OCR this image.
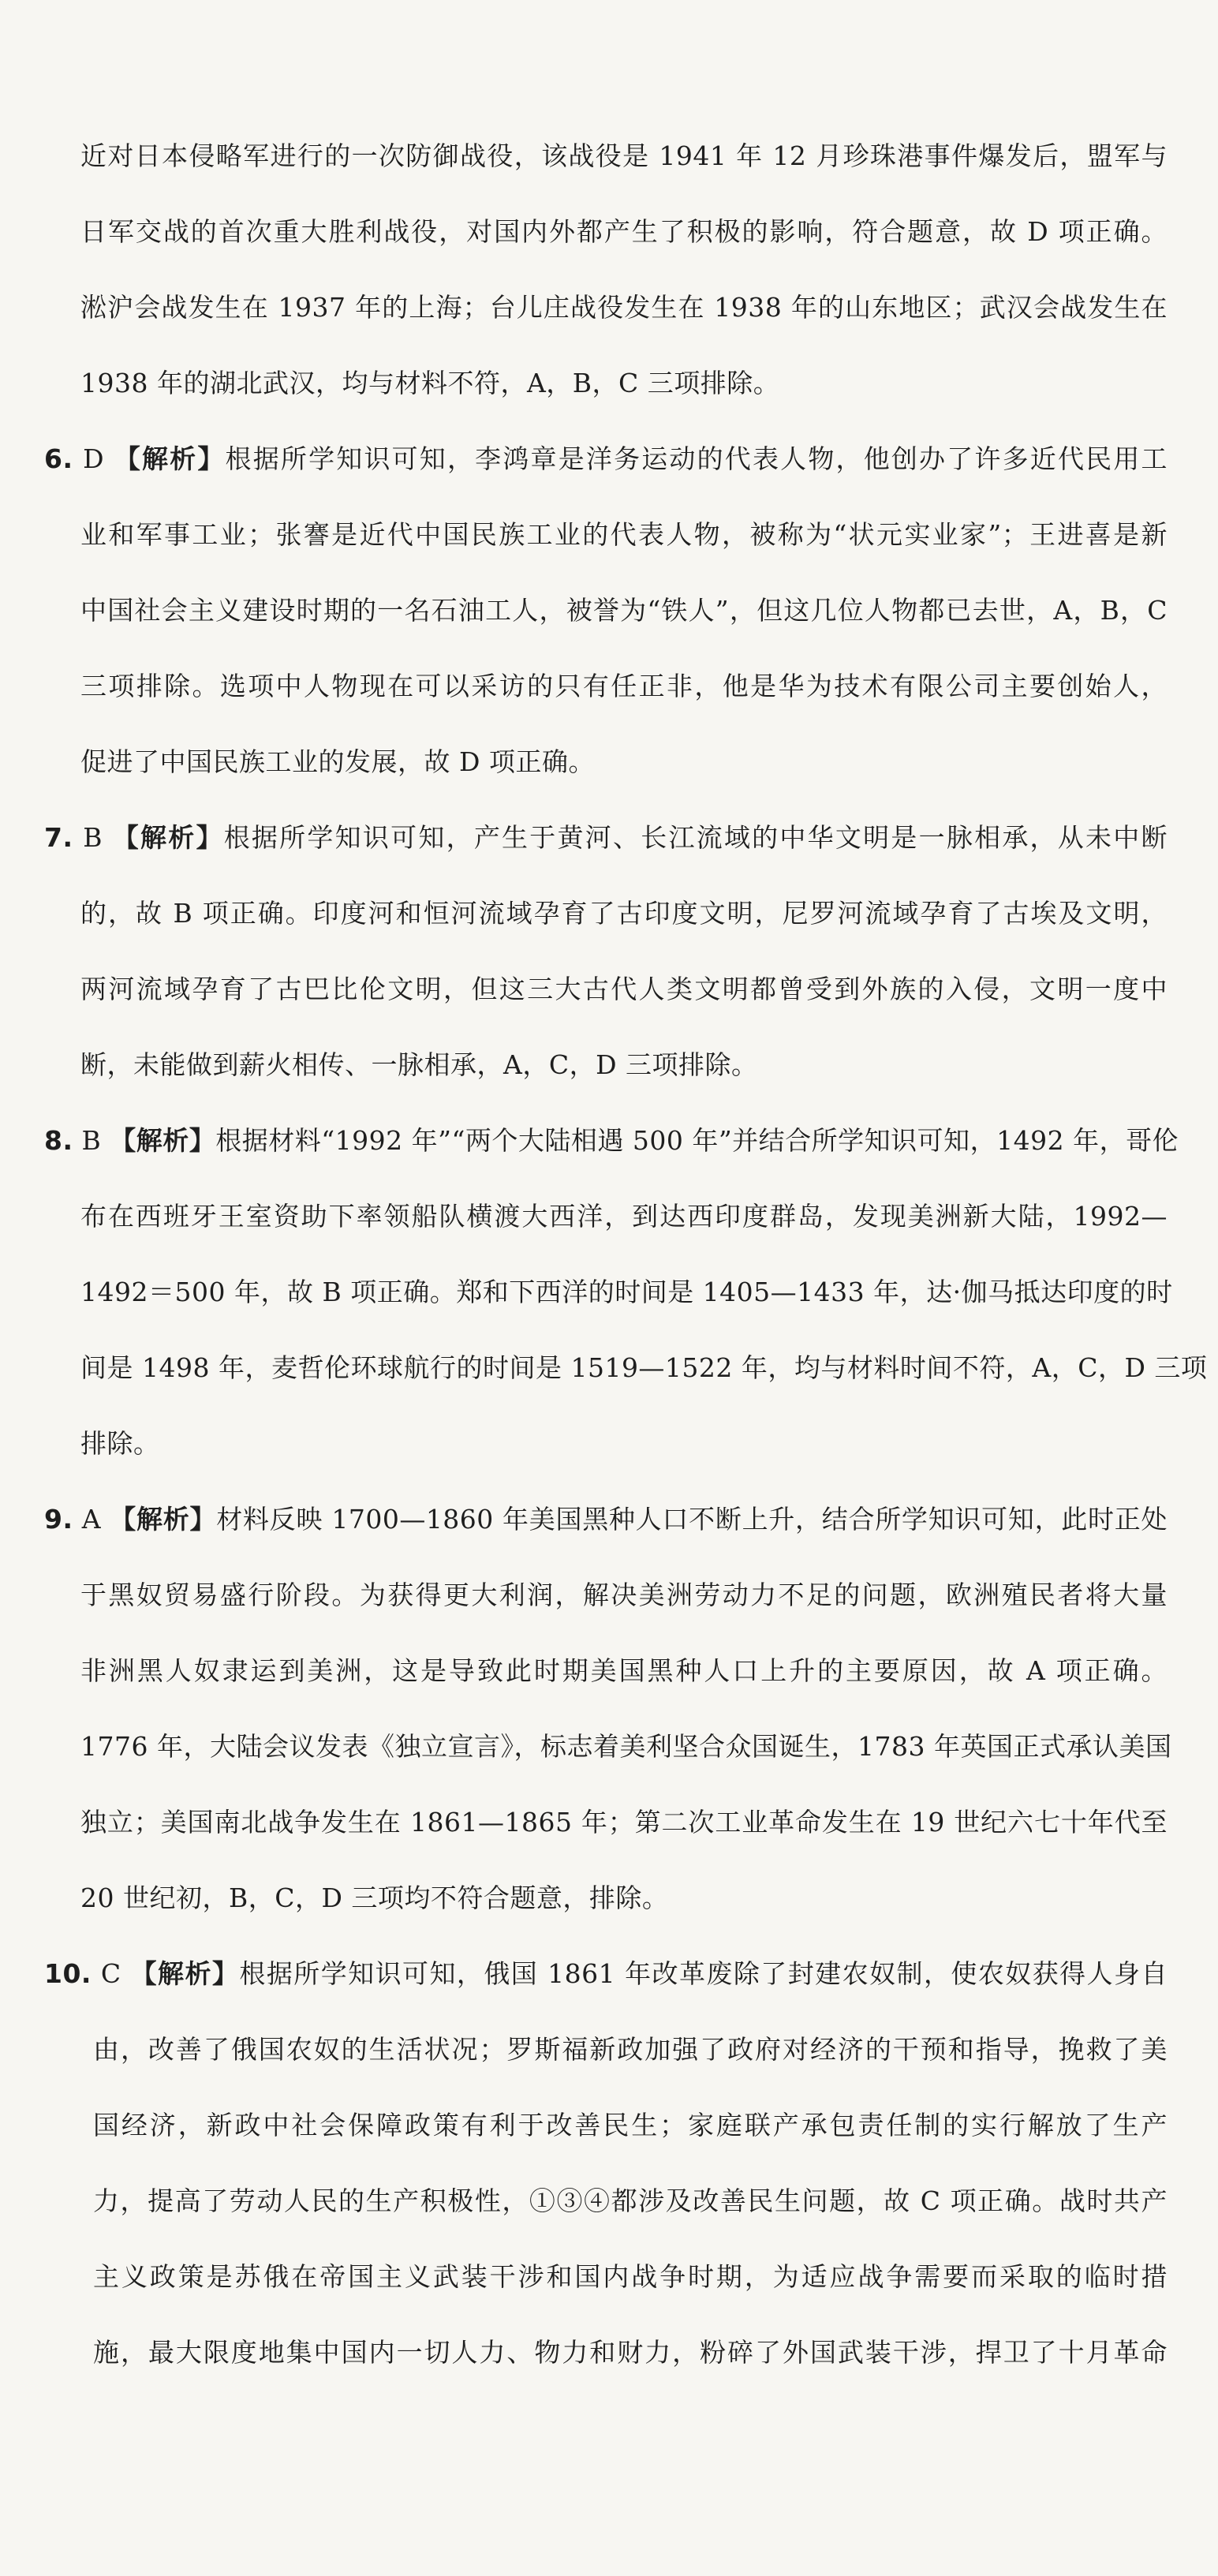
近对日本侵略军进行的一次防御战役，该战役是 1941 年 12 月珍珠港事件爆发后，盟军与
日军交战的首次重大胜利战役，对国内外都产生了积极的影响，符合题意，故 D 项正确。
淞沪会战发生在 1937 年的上海；台儿庄战役发生在 1938 年的山东地区；武汉会战发生在
1938 年的湖北武汉，均与材料不符，A，B，C 三项排除。
6. D 【解析】根据所学知识可知，李鸿章是洋务运动的代表人物，他创办了许多近代民用工
业和军事工业；张謇是近代中国民族工业的代表人物，被称为“状元实业家”；王进喜是新
中国社会主义建设时期的一名石油工人，被誉为“铁人”，但这几位人物都已去世，A，B，C
三项排除。选项中人物现在可以采访的只有任正非，他是华为技术有限公司主要创始人，
促进了中国民族工业的发展，故 D 项正确。
7. B 【解析】根据所学知识可知，产生于黄河、长江流域的中华文明是一脉相承，从未中断
的，故 B 项正确。印度河和恒河流域孕育了古印度文明，尼罗河流域孕育了古埃及文明，
两河流域孕育了古巴比伦文明，但这三大古代人类文明都曾受到外族的入侵，文明一度中
断，未能做到薪火相传、一脉相承，A，C，D 三项排除。
8. B 【解析】根据材料“1992 年”“两个大陆相遇 500 年”并结合所学知识可知，1492 年，哥伦
布在西班牙王室资助下率领船队横渡大西洋，到达西印度群岛，发现美洲新大陆，1992—
1492＝500 年，故 B 项正确。郑和下西洋的时间是 1405—1433 年，达·伽马抵达印度的时
间是 1498 年，麦哲伦环球航行的时间是 1519—1522 年，均与材料时间不符，A，C，D 三项
排除。
9. A 【解析】材料反映 1700—1860 年美国黑种人口不断上升，结合所学知识可知，此时正处
于黑奴贸易盛行阶段。为获得更大利润，解决美洲劳动力不足的问题，欧洲殖民者将大量
非洲黑人奴隶运到美洲，这是导致此时期美国黑种人口上升的主要原因，故 A 项正确。
1776 年，大陆会议发表《独立宣言》，标志着美利坚合众国诞生，1783 年英国正式承认美国
独立；美国南北战争发生在 1861—1865 年；第二次工业革命发生在 19 世纪六七十年代至
20 世纪初，B，C，D 三项均不符合题意，排除。
10. C 【解析】根据所学知识可知，俄国 1861 年改革废除了封建农奴制，使农奴获得人身自
由，改善了俄国农奴的生活状况；罗斯福新政加强了政府对经济的干预和指导，挽救了美
国经济，新政中社会保障政策有利于改善民生；家庭联产承包责任制的实行解放了生产
力，提高了劳动人民的生产积极性，①③④都涉及改善民生问题，故 C 项正确。战时共产
主义政策是苏俄在帝国主义武装干涉和国内战争时期，为适应战争需要而采取的临时措
施，最大限度地集中国内一切人力、物力和财力，粉碎了外国武装干涉，捍卫了十月革命
